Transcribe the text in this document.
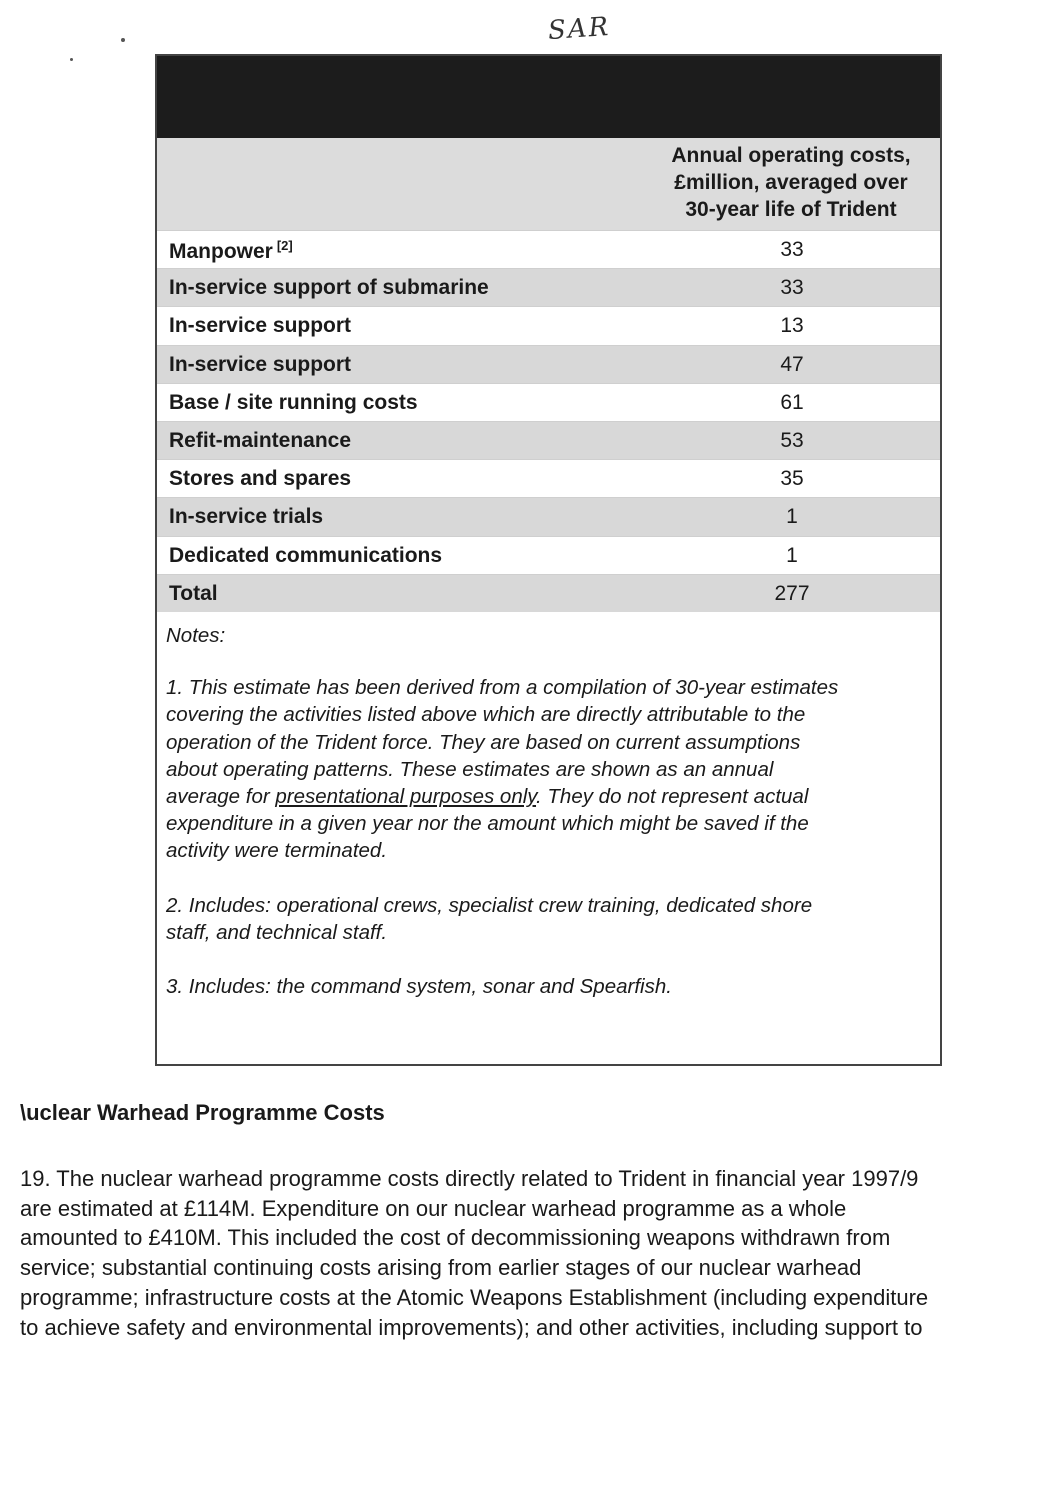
SAR
Annual operating costs,
£million, averaged over
30-year life of Trident
Manpower [2]	33
In-service support of submarine	33
In-service support	13
In-service support	47
Base / site running costs	61
Refit-maintenance	53
Stores and spares	35
In-service trials	1
Dedicated communications	1
Total	277

Notes:

1. This estimate has been derived from a compilation of 30-year estimates
covering the activities listed above which are directly attributable to the
operation of the Trident force. They are based on current assumptions
about operating patterns. These estimates are shown as an annual
average for presentational purposes only. They do not represent actual
expenditure in a given year nor the amount which might be saved if the
activity were terminated.
2. Includes: operational crews, specialist crew training, dedicated shore
staff, and technical staff.
3. Includes: the command system, sonar and Spearfish.
\uclear Warhead Programme Costs
19. The nuclear warhead programme costs directly related to Trident in financial year 1997/9
are estimated at £114M. Expenditure on our nuclear warhead programme as a whole
amounted to £410M. This included the cost of decommissioning weapons withdrawn from
service; substantial continuing costs arising from earlier stages of our nuclear warhead
programme; infrastructure costs at the Atomic Weapons Establishment (including expenditure
to achieve safety and environmental improvements); and other activities, including support to
